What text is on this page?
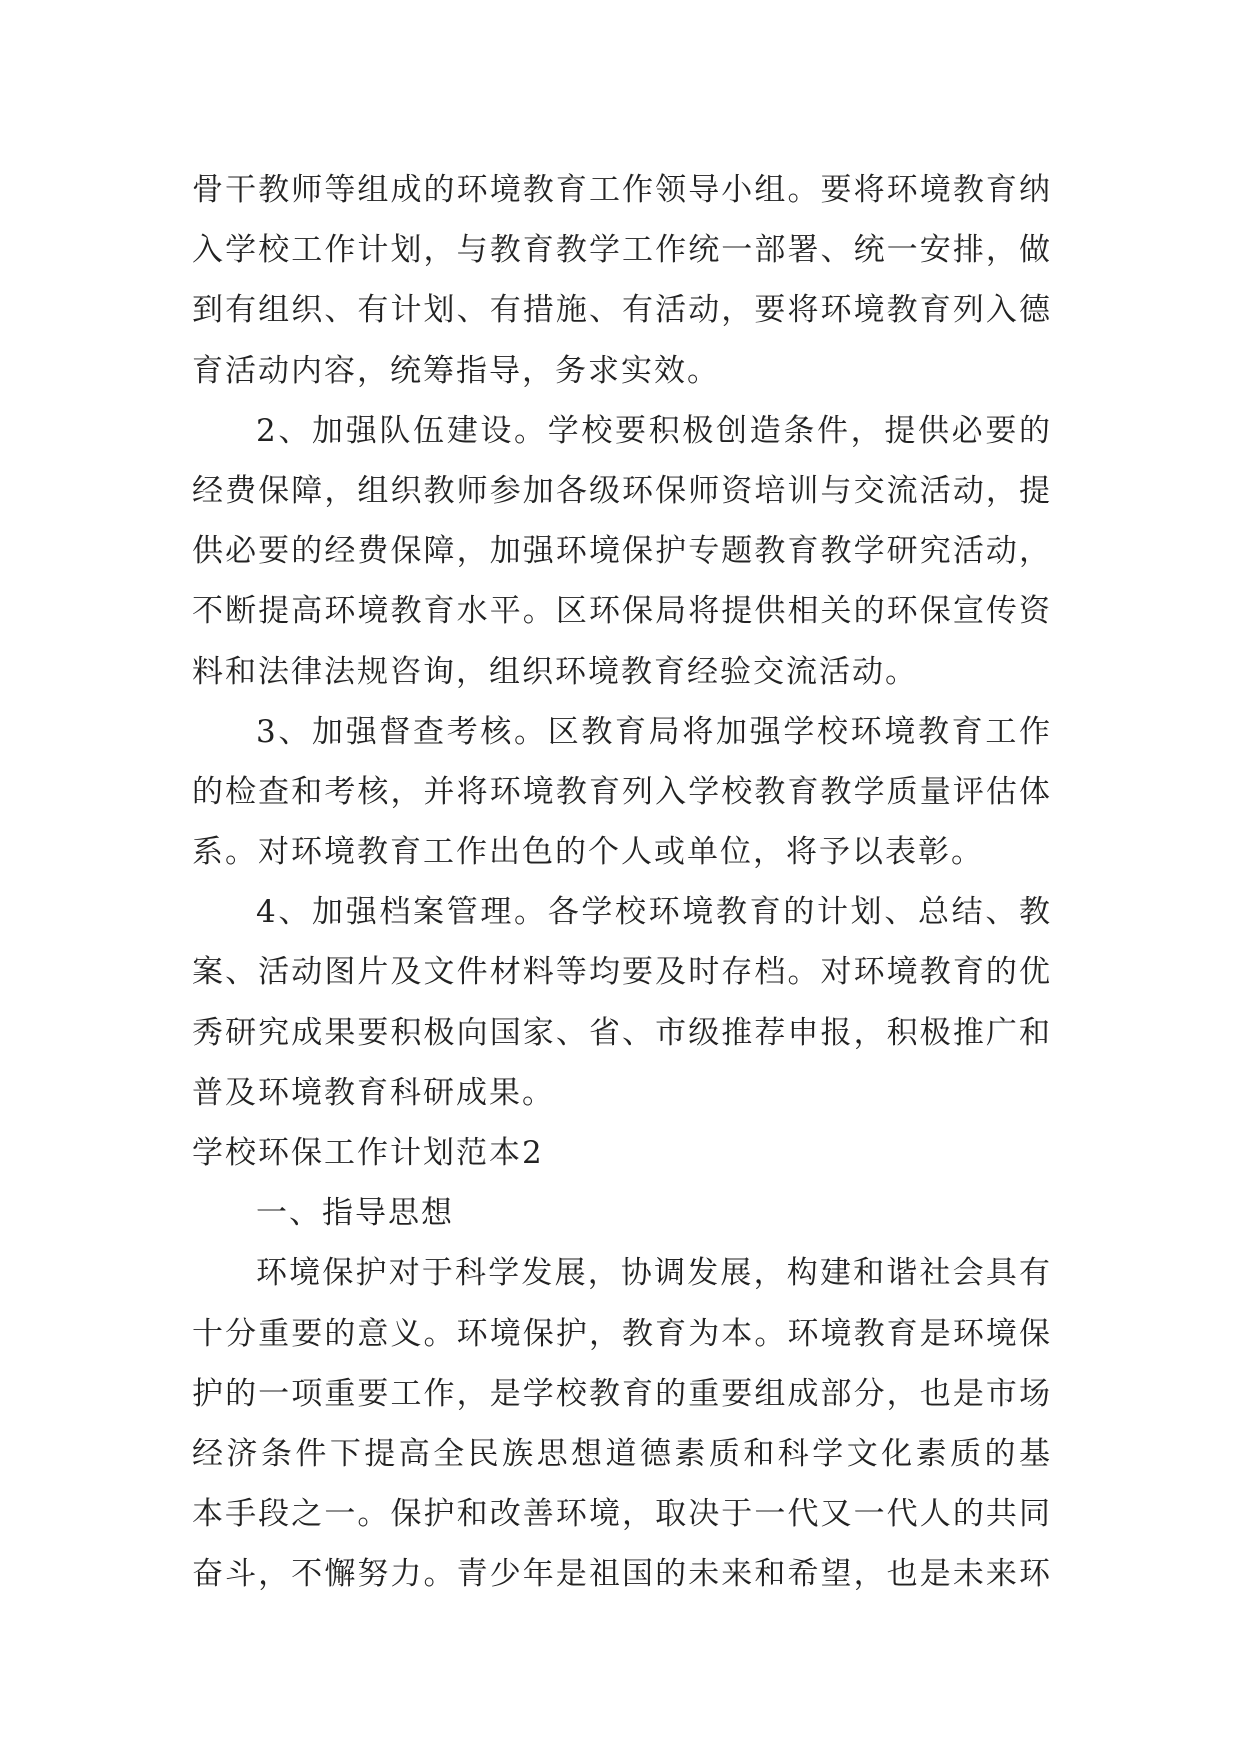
骨干教师等组成的环境教育工作领导小组。要将环境教育纳
入学校工作计划，与教育教学工作统一部署、统一安排，做
到有组织、有计划、有措施、有活动，要将环境教育列入德
育活动内容，统筹指导，务求实效。
2、加强队伍建设。学校要积极创造条件，提供必要的
经费保障，组织教师参加各级环保师资培训与交流活动，提
供必要的经费保障，加强环境保护专题教育教学研究活动，
不断提高环境教育水平。区环保局将提供相关的环保宣传资
料和法律法规咨询，组织环境教育经验交流活动。
3、加强督查考核。区教育局将加强学校环境教育工作
的检查和考核，并将环境教育列入学校教育教学质量评估体
系。对环境教育工作出色的个人或单位，将予以表彰。
4、加强档案管理。各学校环境教育的计划、总结、教
案、活动图片及文件材料等均要及时存档。对环境教育的优
秀研究成果要积极向国家、省、市级推荐申报，积极推广和
普及环境教育科研成果。
学校环保工作计划范本2
一、指导思想
环境保护对于科学发展，协调发展，构建和谐社会具有
十分重要的意义。环境保护，教育为本。环境教育是环境保
护的一项重要工作，是学校教育的重要组成部分，也是市场
经济条件下提高全民族思想道德素质和科学文化素质的基
本手段之一。保护和改善环境，取决于一代又一代人的共同
奋斗，不懈努力。青少年是祖国的未来和希望，也是未来环
